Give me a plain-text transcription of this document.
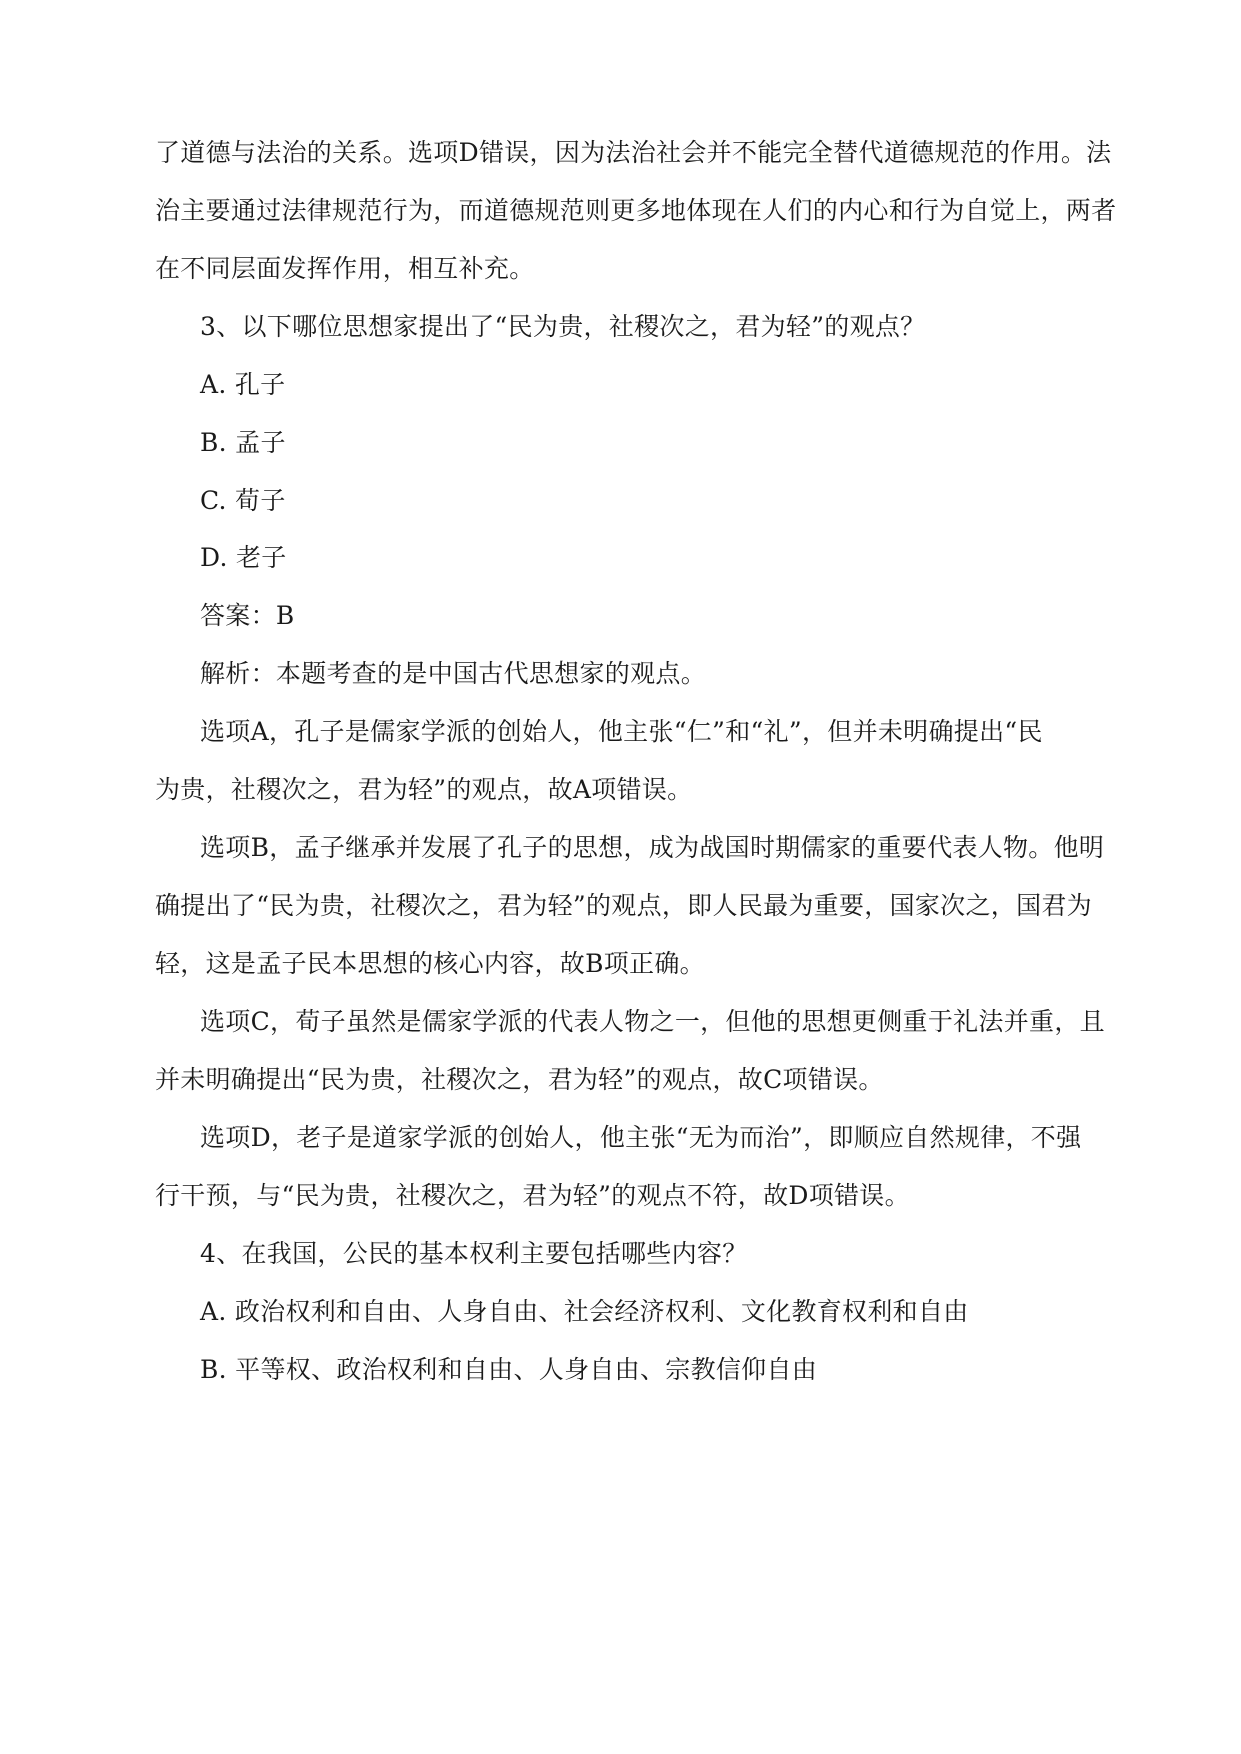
了道德与法治的关系。选项D错误，因为法治社会并不能完全替代道德规范的作用。法
治主要通过法律规范行为，而道德规范则更多地体现在人们的内心和行为自觉上，两者
在不同层面发挥作用，相互补充。
3、以下哪位思想家提出了“民为贵，社稷次之，君为轻”的观点？
A. 孔子
B. 孟子
C. 荀子
D. 老子
答案：B
解析：本题考查的是中国古代思想家的观点。
选项A，孔子是儒家学派的创始人，他主张“仁”和“礼”，但并未明确提出“民
为贵，社稷次之，君为轻”的观点，故A项错误。
选项B，孟子继承并发展了孔子的思想，成为战国时期儒家的重要代表人物。他明
确提出了“民为贵，社稷次之，君为轻”的观点，即人民最为重要，国家次之，国君为
轻，这是孟子民本思想的核心内容，故B项正确。
选项C，荀子虽然是儒家学派的代表人物之一，但他的思想更侧重于礼法并重，且
并未明确提出“民为贵，社稷次之，君为轻”的观点，故C项错误。
选项D，老子是道家学派的创始人，他主张“无为而治”，即顺应自然规律，不强
行干预，与“民为贵，社稷次之，君为轻”的观点不符，故D项错误。
4、在我国，公民的基本权利主要包括哪些内容？
A. 政治权利和自由、人身自由、社会经济权利、文化教育权利和自由
B. 平等权、政治权利和自由、人身自由、宗教信仰自由
